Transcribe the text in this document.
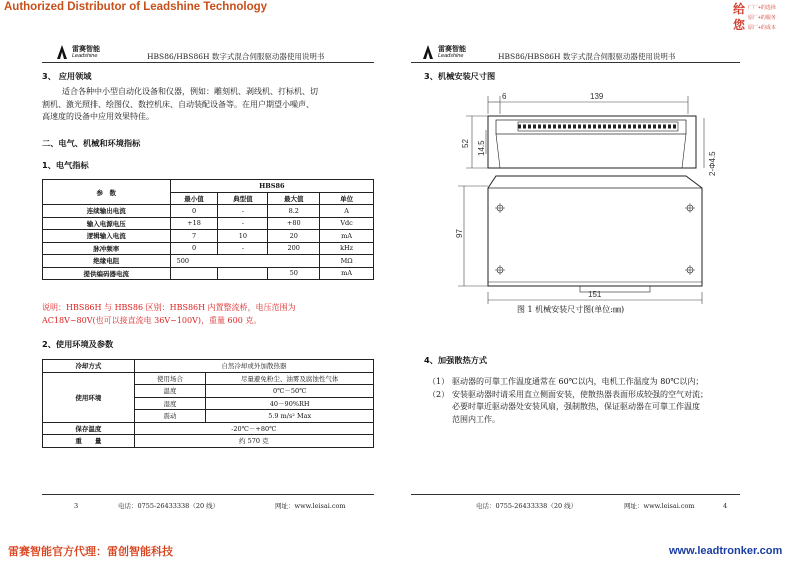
Authorized Distributor of Leadshine Technology	给
您
厂厂+的选择
原厂+的服务
原厂+的成本
雷赛智能
Leadshine	HBS86/HBS86H 数字式混合伺服驱动器使用说明书
3、 应用领域
适合各种中小型自动化设备和仪器，例如：雕刻机、剥线机、打标机、切
割机、激光照排、绘图仪、数控机床、自动装配设备等。在用户期望小噪声、
高速度的设备中应用效果特佳。
二、电气、机械和环境指标
1、电气指标
参　数	HBS86			
	最小值	典型值	最大值	单位
连续输出电流	0	-	8.2	A
输入电源电压	+18	-	+80	Vdc
逻辑输入电流	7	10	20	mA
脉冲频率	0	-	200	kHz
绝缘电阻	500			MΩ
提供编码器电流			50	mA
说明：HBS86H 与 HBS86 区别：HBS86H 内置整流桥，电压范围为
AC18V~80V(也可以接直流电 36V~100V)，重量 600 克。
2、使用环境及参数
冷却方式	自然冷却或外加散热器	
使用环境	使用场合	尽量避免粉尘、油雾及腐蚀性气体
	温度	0℃－50℃
	湿度	40－90%RH
	震动	5.9 m/s² Max
保存温度	-20℃－+80℃	
重　　量	约 570 克	
3	电话：0755-26433338（20 线）	网址：www.leisai.com
雷赛智能
Leadshine	HBS86/HBS86H 数字式混合伺服驱动器使用说明书
3、机械安装尺寸图
139
6
52 14.5
2-Φ4.5
97
151
图 1 机械安装尺寸图(单位:㎜)
4、加强散热方式
（1） 驱动器的可靠工作温度通常在 60℃以内，电机工作温度为 80℃以内；
（2） 安装驱动器时请采用直立侧面安装，使散热器表面形成较强的空气对流；
必要时靠近驱动器处安装风扇，强制散热，保证驱动器在可靠工作温度
范围内工作。
电话：0755-26433338（20 线）	网址：www.leisai.com	4
雷赛智能官方代理：雷创智能科技	www.leadtronker.com
